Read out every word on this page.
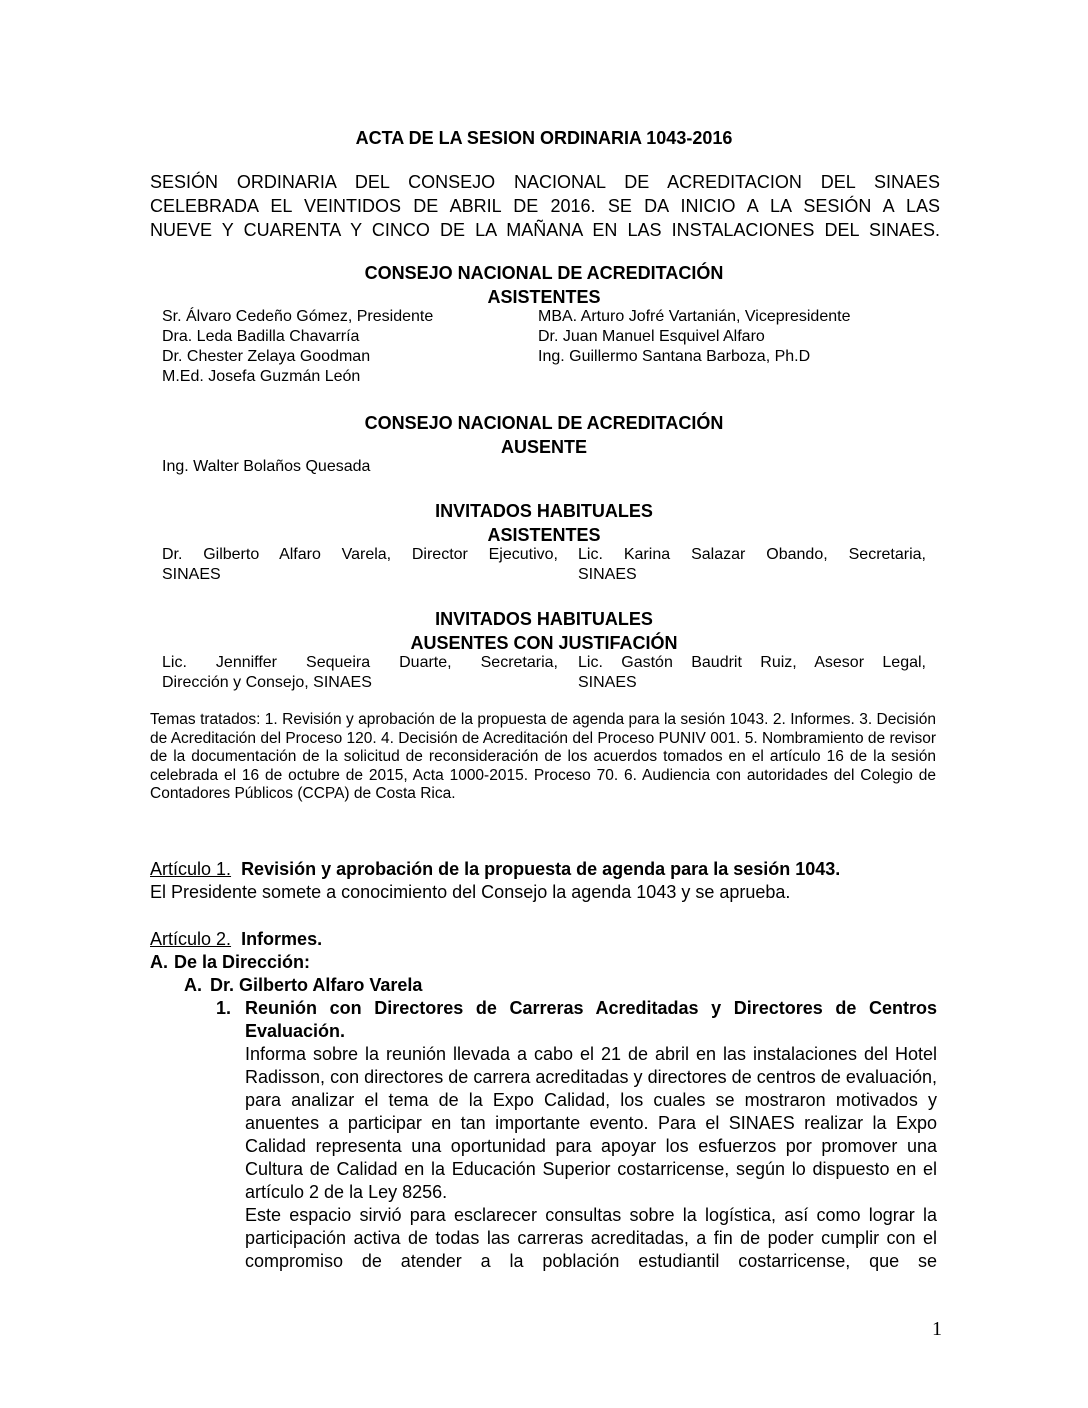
ACTA DE LA SESION ORDINARIA 1043-2016
SESIÓN ORDINARIA DEL CONSEJO NACIONAL DE ACREDITACION DEL SINAES
CELEBRADA EL VEINTIDOS DE ABRIL DE 2016. SE DA INICIO A LA SESIÓN A LAS
NUEVE Y CUARENTA Y CINCO DE LA MAÑANA EN LAS INSTALACIONES DEL SINAES.
CONSEJO NACIONAL DE ACREDITACIÓN
ASISTENTES
Sr. Álvaro Cedeño Gómez, Presidente
Dra. Leda Badilla Chavarría
Dr. Chester Zelaya Goodman
M.Ed. Josefa Guzmán León
MBA. Arturo Jofré Vartanián, Vicepresidente
Dr. Juan Manuel Esquivel Alfaro
Ing. Guillermo Santana Barboza, Ph.D
CONSEJO NACIONAL DE ACREDITACIÓN
AUSENTE
Ing. Walter Bolaños Quesada
INVITADOS HABITUALES
ASISTENTES
Dr. Gilberto Alfaro Varela, Director Ejecutivo,
SINAES
Lic. Karina Salazar Obando, Secretaria,
SINAES
INVITADOS HABITUALES
AUSENTES CON JUSTIFACIÓN
Lic. Jenniffer Sequeira Duarte, Secretaria,
Dirección y Consejo, SINAES
Lic. Gastón Baudrit Ruiz, Asesor Legal,
SINAES
Temas tratados: 1. Revisión y aprobación de la propuesta de agenda para la sesión 1043. 2. Informes. 3. Decisión de Acreditación del Proceso 120. 4. Decisión de Acreditación del Proceso PUNIV 001. 5. Nombramiento de revisor de la documentación de la solicitud de reconsideración de los acuerdos tomados en el artículo 16 de la sesión celebrada el 16 de octubre de 2015, Acta 1000-2015. Proceso 70. 6. Audiencia con autoridades del Colegio de Contadores Públicos (CCPA) de Costa Rica.
Artículo 1. Revisión y aprobación de la propuesta de agenda para la sesión 1043.
El Presidente somete a conocimiento del Consejo la agenda 1043 y se aprueba.
Artículo 2. Informes.
A. De la Dirección:
A. Dr. Gilberto Alfaro Varela
1. Reunión con Directores de Carreras Acreditadas y Directores de Centros
Evaluación.
Informa sobre la reunión llevada a cabo el 21 de abril en las instalaciones del Hotel Radisson, con directores de carrera acreditadas y directores de centros de evaluación, para analizar el tema de la Expo Calidad, los cuales se mostraron motivados y anuentes a participar en tan importante evento. Para el SINAES realizar la Expo Calidad representa una oportunidad para apoyar los esfuerzos por promover una Cultura de Calidad en la Educación Superior costarricense, según lo dispuesto en el artículo 2 de la Ley 8256.
Este espacio sirvió para esclarecer consultas sobre la logística, así como lograr la participación activa de todas las carreras acreditadas, a fin de poder cumplir con el compromiso de atender a la población estudiantil costarricense, que se
1
